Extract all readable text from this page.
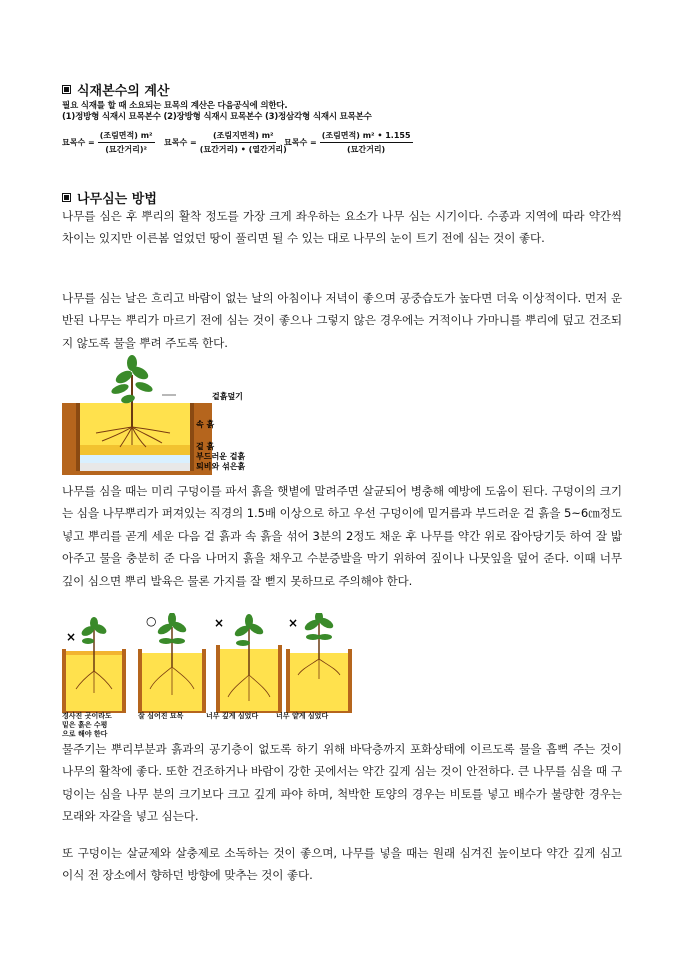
식재본수의 계산
필요 식재를 할 때 소요되는 묘목의 계산은 다음공식에 의한다.
(1)정방형 식재시 묘목본수 (2)장방형 식재시 묘목본수 (3)정삼각형 식재시 묘목본수
묘목수 = $\frac{\text{(조림면적) m²}}{\text{(묘간거리)²}}$ 묘목수 = $\frac{\text{(조림지면적) m²}}{\text{(묘간거리) • (열간거리)}}$
묘목수 = $\frac{\text{(조림면적) m² • 1.155}}{\text{(묘간거리)}}$
나무심는 방법
나무를 심은 후 뿌리의 활착 정도를 가장 크게 좌우하는 요소가 나무 심는 시기이다. 수종과 지역에 따라 약간씩 차이는 있지만 이른봄 얼었던 땅이 풀리면 될 수 있는 대로 나무의 눈이 트기 전에 심는 것이 좋다.
나무를 심는 날은 흐리고 바람이 없는 날의 아침이나 저녁이 좋으며 공중습도가 높다면 더욱 이상적이다. 먼저 운반된 나무는 뿌리가 마르기 전에 심는 것이 좋으나 그렇지 않은 경우에는 거적이나 가마니를 뿌리에 덮고 건조되지 않도록 물을 뿌려 주도록 한다.
겉흙덮기
속 흙
겉 흙
부드러운 겉흙
퇴비와 섞은흙
나무를 심을 때는 미리 구덩이를 파서 흙을 햇볕에 말려주면 살균되어 병충해 예방에 도움이 된다. 구덩이의 크기는 심을 나무뿌리가 퍼져있는 직경의 1.5배 이상으로 하고 우선 구덩이에 밑거름과 부드러운 겉 흙을 5~6㎝정도 넣고 뿌리를 곧게 세운 다음 겉 흙과 속 흙을 섞어 3분의 2정도 채운 후 나무를 약간 위로 잡아당기듯 하여 잘 밟아주고 물을 충분히 준 다음 나머지 흙을 채우고 수분증발을 막기 위하여 짚이나 나뭇잎을 덮어 준다. 이때 너무 깊이 심으면 뿌리 발육은 물론 가지를 잘 뻗지 못하므로 주의해야 한다.
×
○	×	×
경사진 곳이라도
밑은 흙은 수평
으로 해야 한다
잘 심어진 묘목	너무 깊게 심었다	너무 얕게 심었다
물주기는 뿌리부분과 흙과의 공기층이 없도록 하기 위해 바닥층까지 포화상태에 이르도록 물을 흠뻑 주는 것이 나무의 활착에 좋다. 또한 건조하거나 바람이 강한 곳에서는 약간 깊게 심는 것이 안전하다. 큰 나무를 심을 때 구덩이는 심을 나무 분의 크기보다 크고 깊게 파야 하며, 척박한 토양의 경우는 비토를 넣고 배수가 불량한 경우는 모래와 자갈을 넣고 심는다.
또 구덩이는 살균제와 살충제로 소독하는 것이 좋으며, 나무를 넣을 때는 원래 심겨진 높이보다 약간 깊게 심고 이식 전 장소에서 향하던 방향에 맞추는 것이 좋다.
